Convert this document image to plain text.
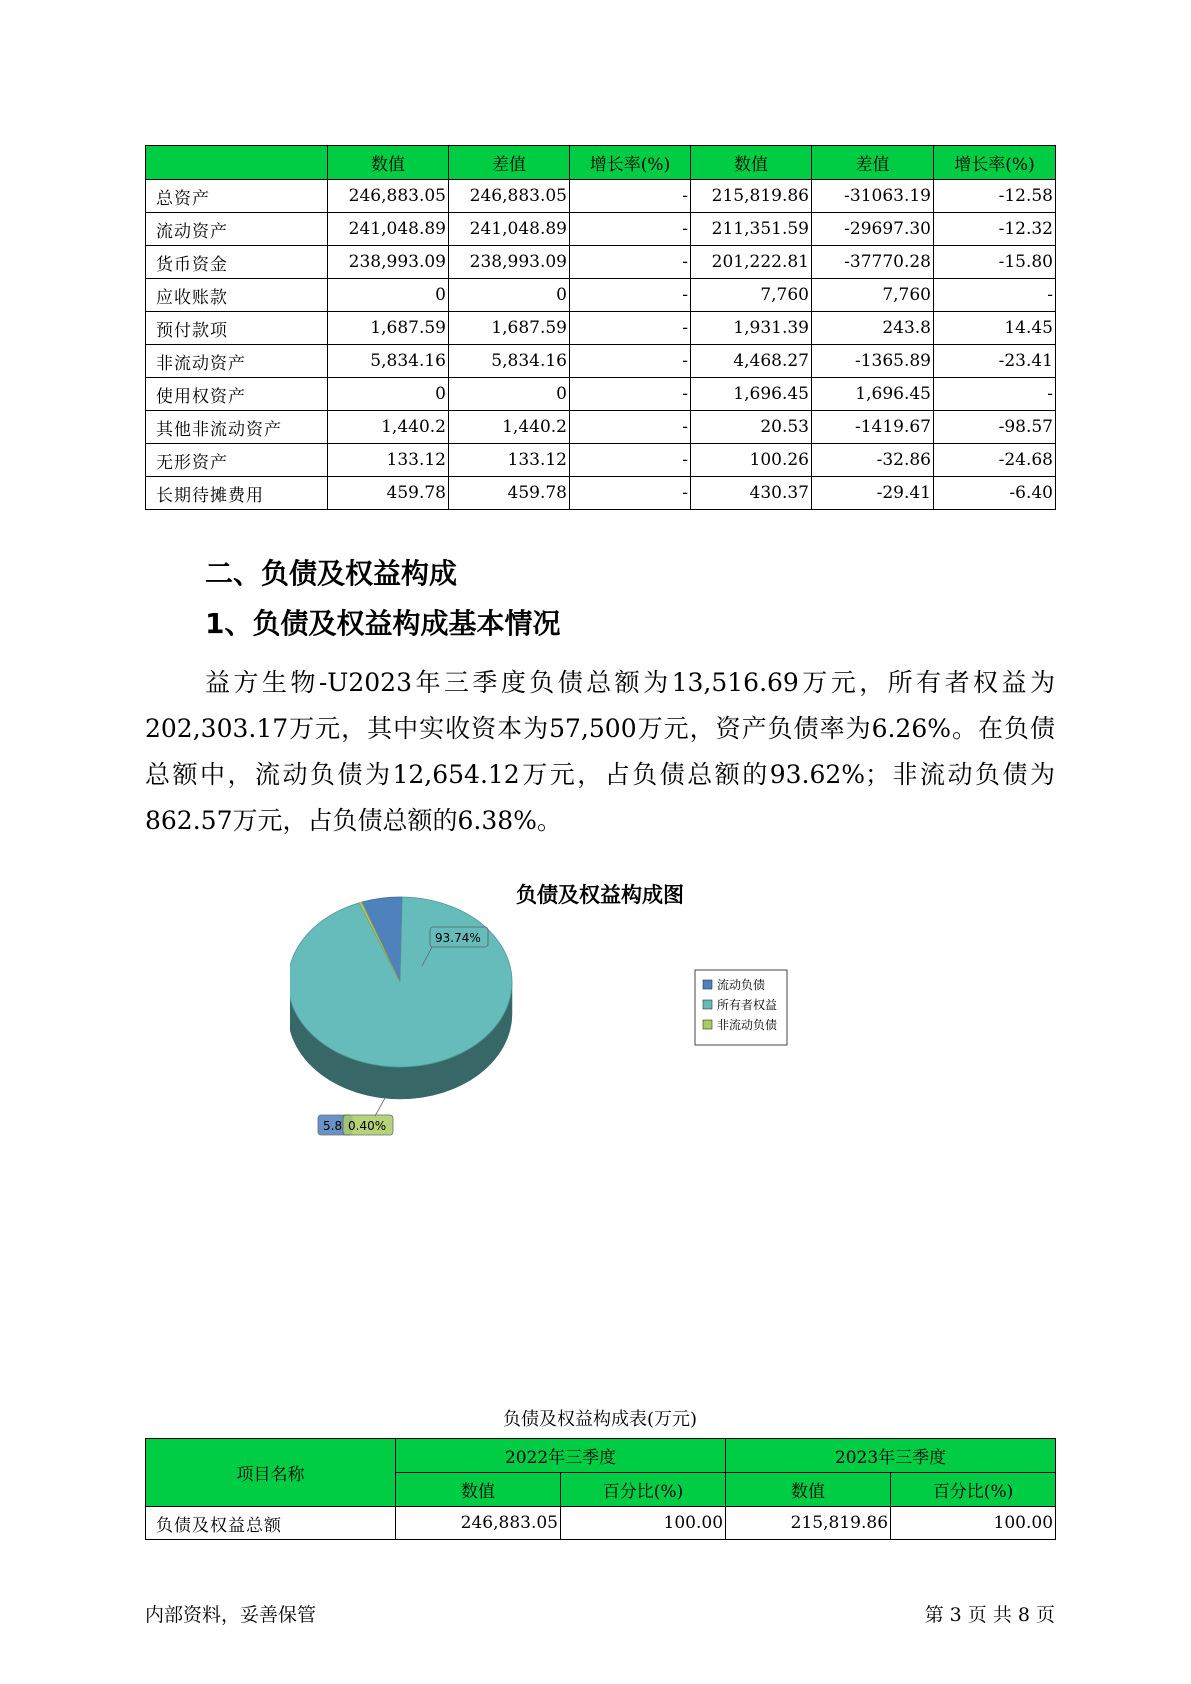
	数值	差值	增长率(%)	数值	差值	增长率(%)
总资产	246,883.05	246,883.05	-	215,819.86	-31063.19	-12.58
流动资产	241,048.89	241,048.89	-	211,351.59	-29697.30	-12.32
货币资金	238,993.09	238,993.09	-	201,222.81	-37770.28	-15.80
应收账款	0	0	-	7,760	7,760	-
预付款项	1,687.59	1,687.59	-	1,931.39	243.8	14.45
非流动资产	5,834.16	5,834.16	-	4,468.27	-1365.89	-23.41
使用权资产	0	0	-	1,696.45	1,696.45	-
其他非流动资产	1,440.2	1,440.2	-	20.53	-1419.67	-98.57
无形资产	133.12	133.12	-	100.26	-32.86	-24.68
长期待摊费用	459.78	459.78	-	430.37	-29.41	-6.40
二、负债及权益构成
1、负债及权益构成基本情况

益方生物-U2023年三季度负债总额为13,516.69万元，所有者权益为202,303.17万元，其中实收资本为57,500万元，资产负债率为6.26%。在负债总额中，流动负债为12,654.12万元，占负债总额的93.62%；非流动负债为862.57万元，占负债总额的6.38%。

负债及权益构成图
5.8
93.74%
0.40%
流动负债
所有者权益
非流动负债
负债及权益构成表(万元)
项目名称	2022年三季度		2023年三季度	
	数值	百分比(%)	数值	百分比(%)
负债及权益总额	246,883.05	100.00	215,819.86	100.00
内部资料，妥善保管	第 3 页 共 8 页
